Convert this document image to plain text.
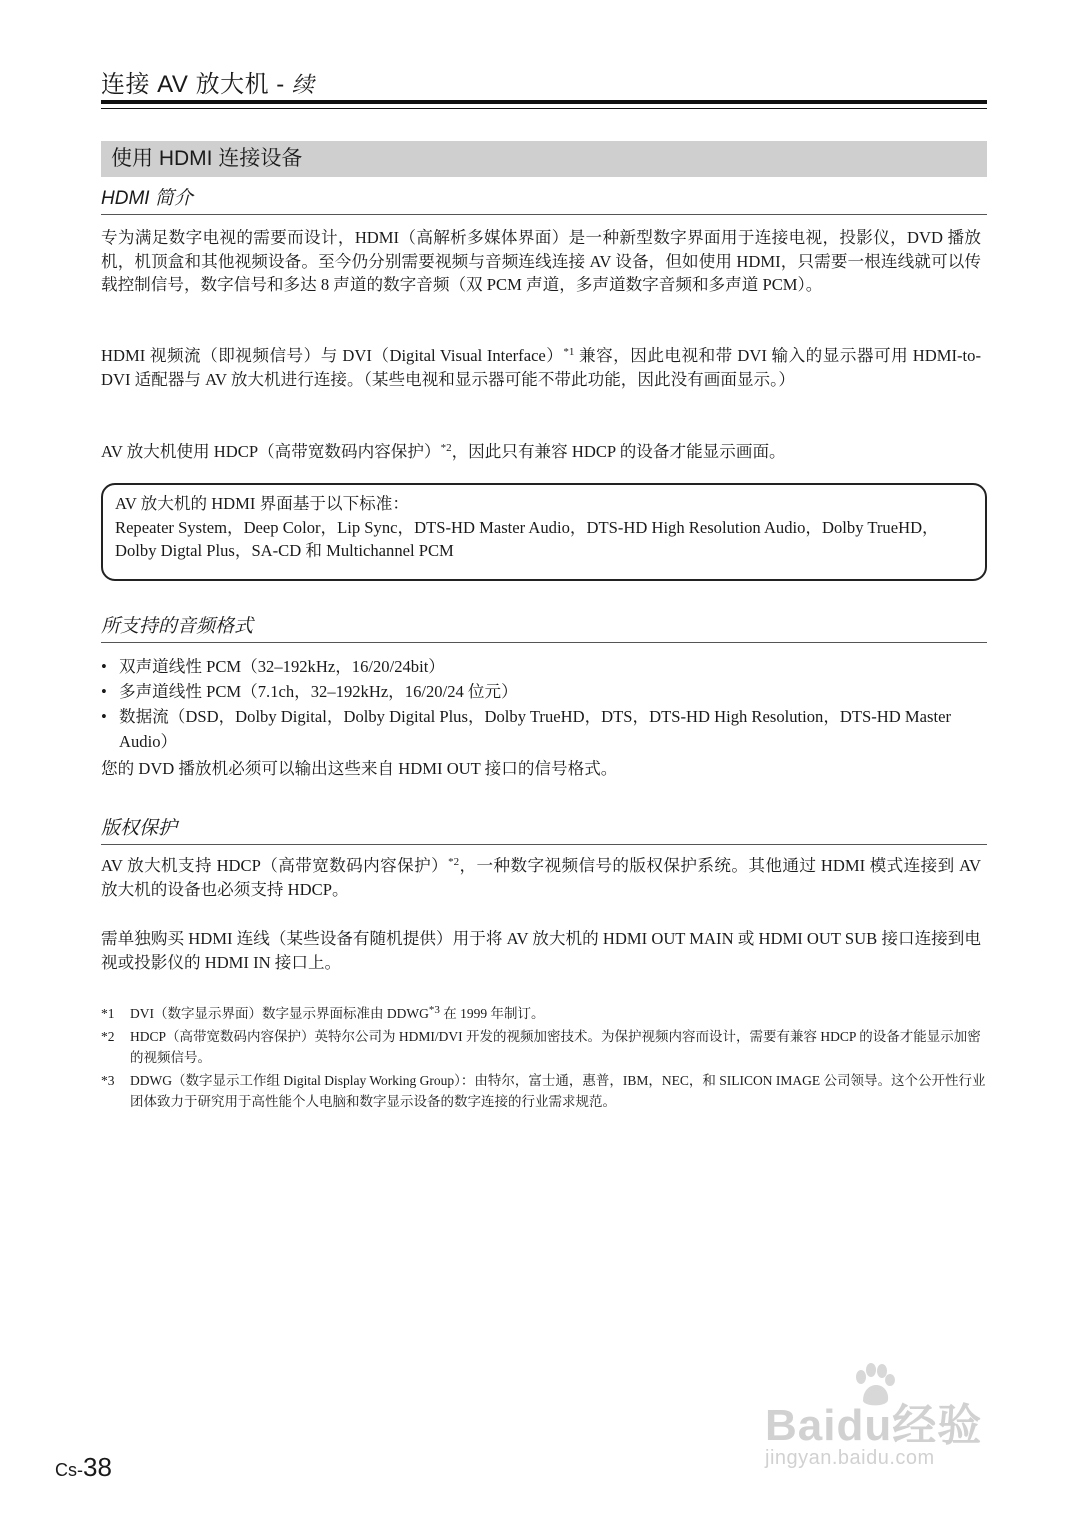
连接 AV 放大机 - 续
使用 HDMI 连接设备
HDMI 简介
专为满足数字电视的需要而设计，HDMI（高解析多媒体界面）是一种新型数字界面用于连接电视，投影仪，DVD 播放机，机顶盒和其他视频设备。至今仍分别需要视频与音频连线连接 AV 设备，但如使用 HDMI，只需要一根连线就可以传载控制信号，数字信号和多达 8 声道的数字音频（双 PCM 声道，多声道数字音频和多声道 PCM）。
HDMI 视频流（即视频信号）与 DVI（Digital Visual Interface）$^{*1}$ 兼容，因此电视和带 DVI 输入的显示器可用 HDMI-to-DVI 适配器与 AV 放大机进行连接。（某些电视和显示器可能不带此功能，因此没有画面显示。）
AV 放大机使用 HDCP（高带宽数码内容保护）$^{*2}$，因此只有兼容 HDCP 的设备才能显示画面。
AV 放大机的 HDMI 界面基于以下标准：
Repeater System，Deep Color，Lip Sync，DTS-HD Master Audio，DTS-HD High Resolution Audio，Dolby TrueHD，Dolby Digtal Plus，SA-CD 和 Multichannel PCM
所支持的音频格式
• 双声道线性 PCM（32–192kHz，16/20/24bit）
• 多声道线性 PCM（7.1ch，32–192kHz，16/20/24 位元）
• 数据流（DSD，Dolby Digital，Dolby Digital Plus，Dolby TrueHD，DTS，DTS-HD High Resolution，DTS-HD Master Audio）
您的 DVD 播放机必须可以输出这些来自 HDMI OUT 接口的信号格式。
版权保护
AV 放大机支持 HDCP（高带宽数码内容保护）$^{*2}$，一种数字视频信号的版权保护系统。其他通过 HDMI 模式连接到 AV 放大机的设备也必须支持 HDCP。
需单独购买 HDMI 连线（某些设备有随机提供）用于将 AV 放大机的 HDMI OUT MAIN 或 HDMI OUT SUB 接口连接到电视或投影仪的 HDMI IN 接口上。
*1 DVI（数字显示界面）数字显示界面标准由 DDWG$^{*3}$ 在 1999 年制订。
*2 HDCP（高带宽数码内容保护）英特尔公司为 HDMI/DVI 开发的视频加密技术。为保护视频内容而设计，需要有兼容 HDCP 的设备才能显示加密的视频信号。
*3 DDWG（数字显示工作组 Digital Display Working Group）：由特尔，富士通，惠普，IBM，NEC，和 SILICON IMAGE 公司领导。这个公开性行业团体致力于研究用于高性能个人电脑和数字显示设备的数字连接的行业需求规范。
Cs-38
Baidu经验
jingyan.baidu.com
